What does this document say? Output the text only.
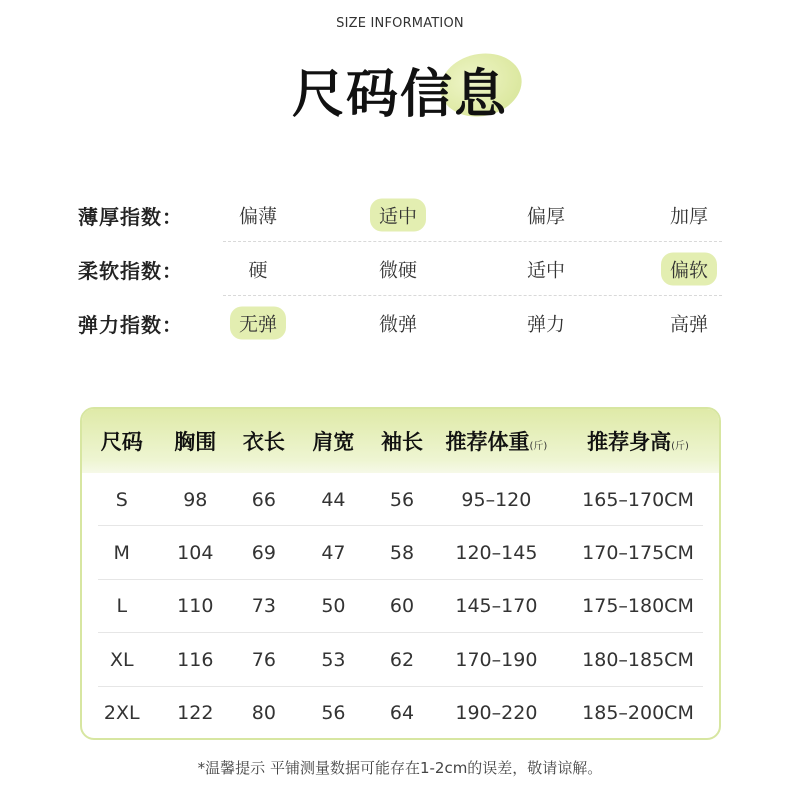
SIZE INFORMATION
尺码信息
薄厚指数：	偏薄	适中	偏厚	加厚
柔软指数：	硬	微硬	适中	偏软
弹力指数：	无弹	微弹	弹力	高弹
尺码	胸围	衣长	肩宽	袖长	推荐体重(斤)	推荐身高(斤)
S	98	66	44	56	95–120	165–170CM
M	104	69	47	58	120–145	170–175CM
L	110	73	50	60	145–170	175–180CM
XL	116	76	53	62	170–190	180–185CM
2XL	122	80	56	64	190–220	185–200CM
*温馨提示 平铺测量数据可能存在1-2cm的误差，敬请谅解。
